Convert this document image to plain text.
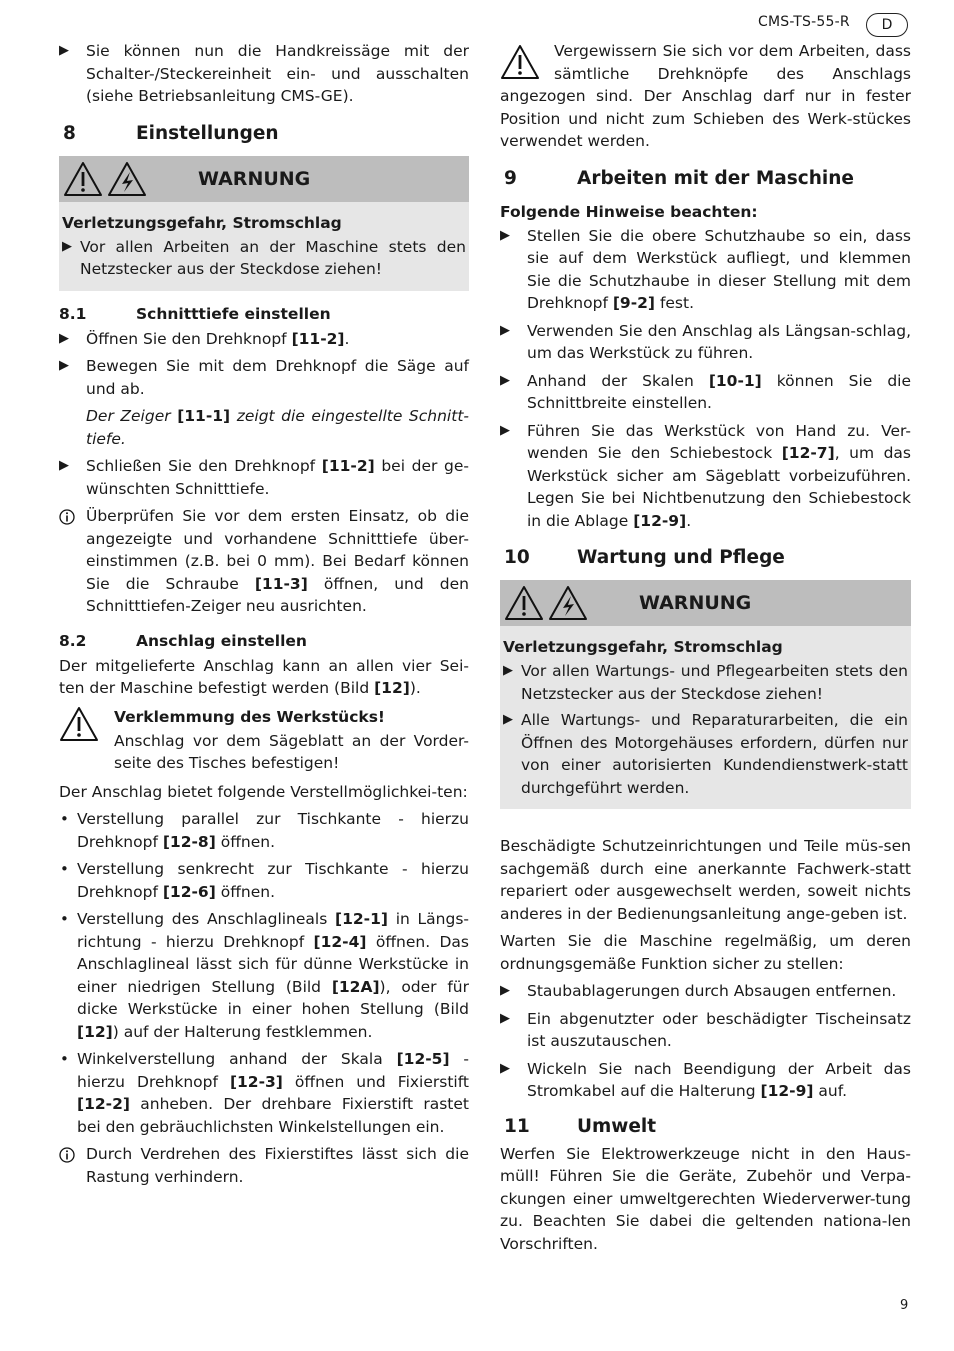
CMS-TS-55-R	D
▶ Sie können nun die Handkreissäge mit der Schalter-/Steckereinheit ein- und ausschalten (siehe Betriebsanleitung CMS-GE).
8	Einstellungen
WARNUNG
Verletzungsgefahr, Stromschlag
▶ Vor allen Arbeiten an der Maschine stets den Netzstecker aus der Steckdose ziehen!
8.1	Schnitttiefe einstellen
▶ Öffnen Sie den Drehknopf [11-2].
▶ Bewegen Sie mit dem Drehknopf die Säge auf und ab.
Der Zeiger [11-1] zeigt die eingestellte Schnitt-tiefe.
▶ Schließen Sie den Drehknopf [11-2] bei der ge-wünschten Schnitttiefe.
Überprüfen Sie vor dem ersten Einsatz, ob die angezeigte und vorhandene Schnitttiefe über-einstimmen (z.B. bei 0 mm). Bei Bedarf können Sie die Schraube [11-3] öffnen, und den Schnitttiefen-Zeiger neu ausrichten.
8.2	Anschlag einstellen

Der mitgelieferte Anschlag kann an allen vier Sei-ten der Maschine befestigt werden (Bild [12]).

Verklemmung des Werkstücks!

Anschlag vor dem Sägeblatt an der Vorder-seite des Tisches befestigen!

Der Anschlag bietet folgende Verstellmöglichkei-ten:

• Verstellung parallel zur Tischkante - hierzu Drehknopf [12-8] öffnen.
• Verstellung senkrecht zur Tischkante - hierzu Drehknopf [12-6] öffnen.
• Verstellung des Anschlaglineals [12-1] in Längs-richtung - hierzu Drehknopf [12-4] öffnen. Das Anschlaglineal lässt sich für dünne Werkstücke in einer niedrigen Stellung (Bild [12A]), oder für dicke Werkstücke in einer hohen Stellung (Bild [12]) auf der Halterung festklemmen.
• Winkelverstellung anhand der Skala [12-5] - hierzu Drehknopf [12-3] öffnen und Fixierstift [12-2] anheben. Der drehbare Fixierstift rastet bei den gebräuchlichsten Winkelstellungen ein.
Durch Verdrehen des Fixierstiftes lässt sich die Rastung verhindern.
Vergewissern Sie sich vor dem Arbeiten, dass sämtliche Drehknöpfe des Anschlags angezogen sind. Der Anschlag darf nur in fester Position und nicht zum Schieben des Werk-stückes verwendet werden.
9	Arbeiten mit der Maschine
Folgende Hinweise beachten:
▶ Stellen Sie die obere Schutzhaube so ein, dass sie auf dem Werkstück aufliegt, und klemmen Sie die Schutzhaube in dieser Stellung mit dem Drehknopf [9-2] fest.
▶ Verwenden Sie den Anschlag als Längsan-schlag, um das Werkstück zu führen.
▶ Anhand der Skalen [10-1] können Sie die Schnittbreite einstellen.
▶ Führen Sie das Werkstück von Hand zu. Ver-wenden Sie den Schiebestock [12-7], um das Werkstück sicher am Sägeblatt vorbeizuführen. Legen Sie bei Nichtbenutzung den Schiebestock in die Ablage [12-9].
10	Wartung und Pflege
WARNUNG
Verletzungsgefahr, Stromschlag
▶ Vor allen Wartungs- und Pflegearbeiten stets den Netzstecker aus der Steckdose ziehen!
▶ Alle Wartungs- und Reparaturarbeiten, die ein Öffnen des Motorgehäuses erfordern, dürfen nur von einer autorisierten Kundendienstwerk-statt durchgeführt werden.

Beschädigte Schutzeinrichtungen und Teile müs-sen sachgemäß durch eine anerkannte Fachwerk-statt repariert oder ausgewechselt werden, soweit nichts anderes in der Bedienungsanleitung ange-geben ist.

Warten Sie die Maschine regelmäßig, um deren ordnungsgemäße Funktion sicher zu stellen:

▶ Staubablagerungen durch Absaugen entfernen.
▶ Ein abgenutzter oder beschädigter Tischeinsatz ist auszutauschen.
▶ Wickeln Sie nach Beendigung der Arbeit das Stromkabel auf die Halterung [12-9] auf.
11	Umwelt

Werfen Sie Elektrowerkzeuge nicht in den Haus-müll! Führen Sie die Geräte, Zubehör und Verpa-ckungen einer umweltgerechten Wiederverwer-tung zu. Beachten Sie dabei die geltenden nationa-len Vorschriften.

9
